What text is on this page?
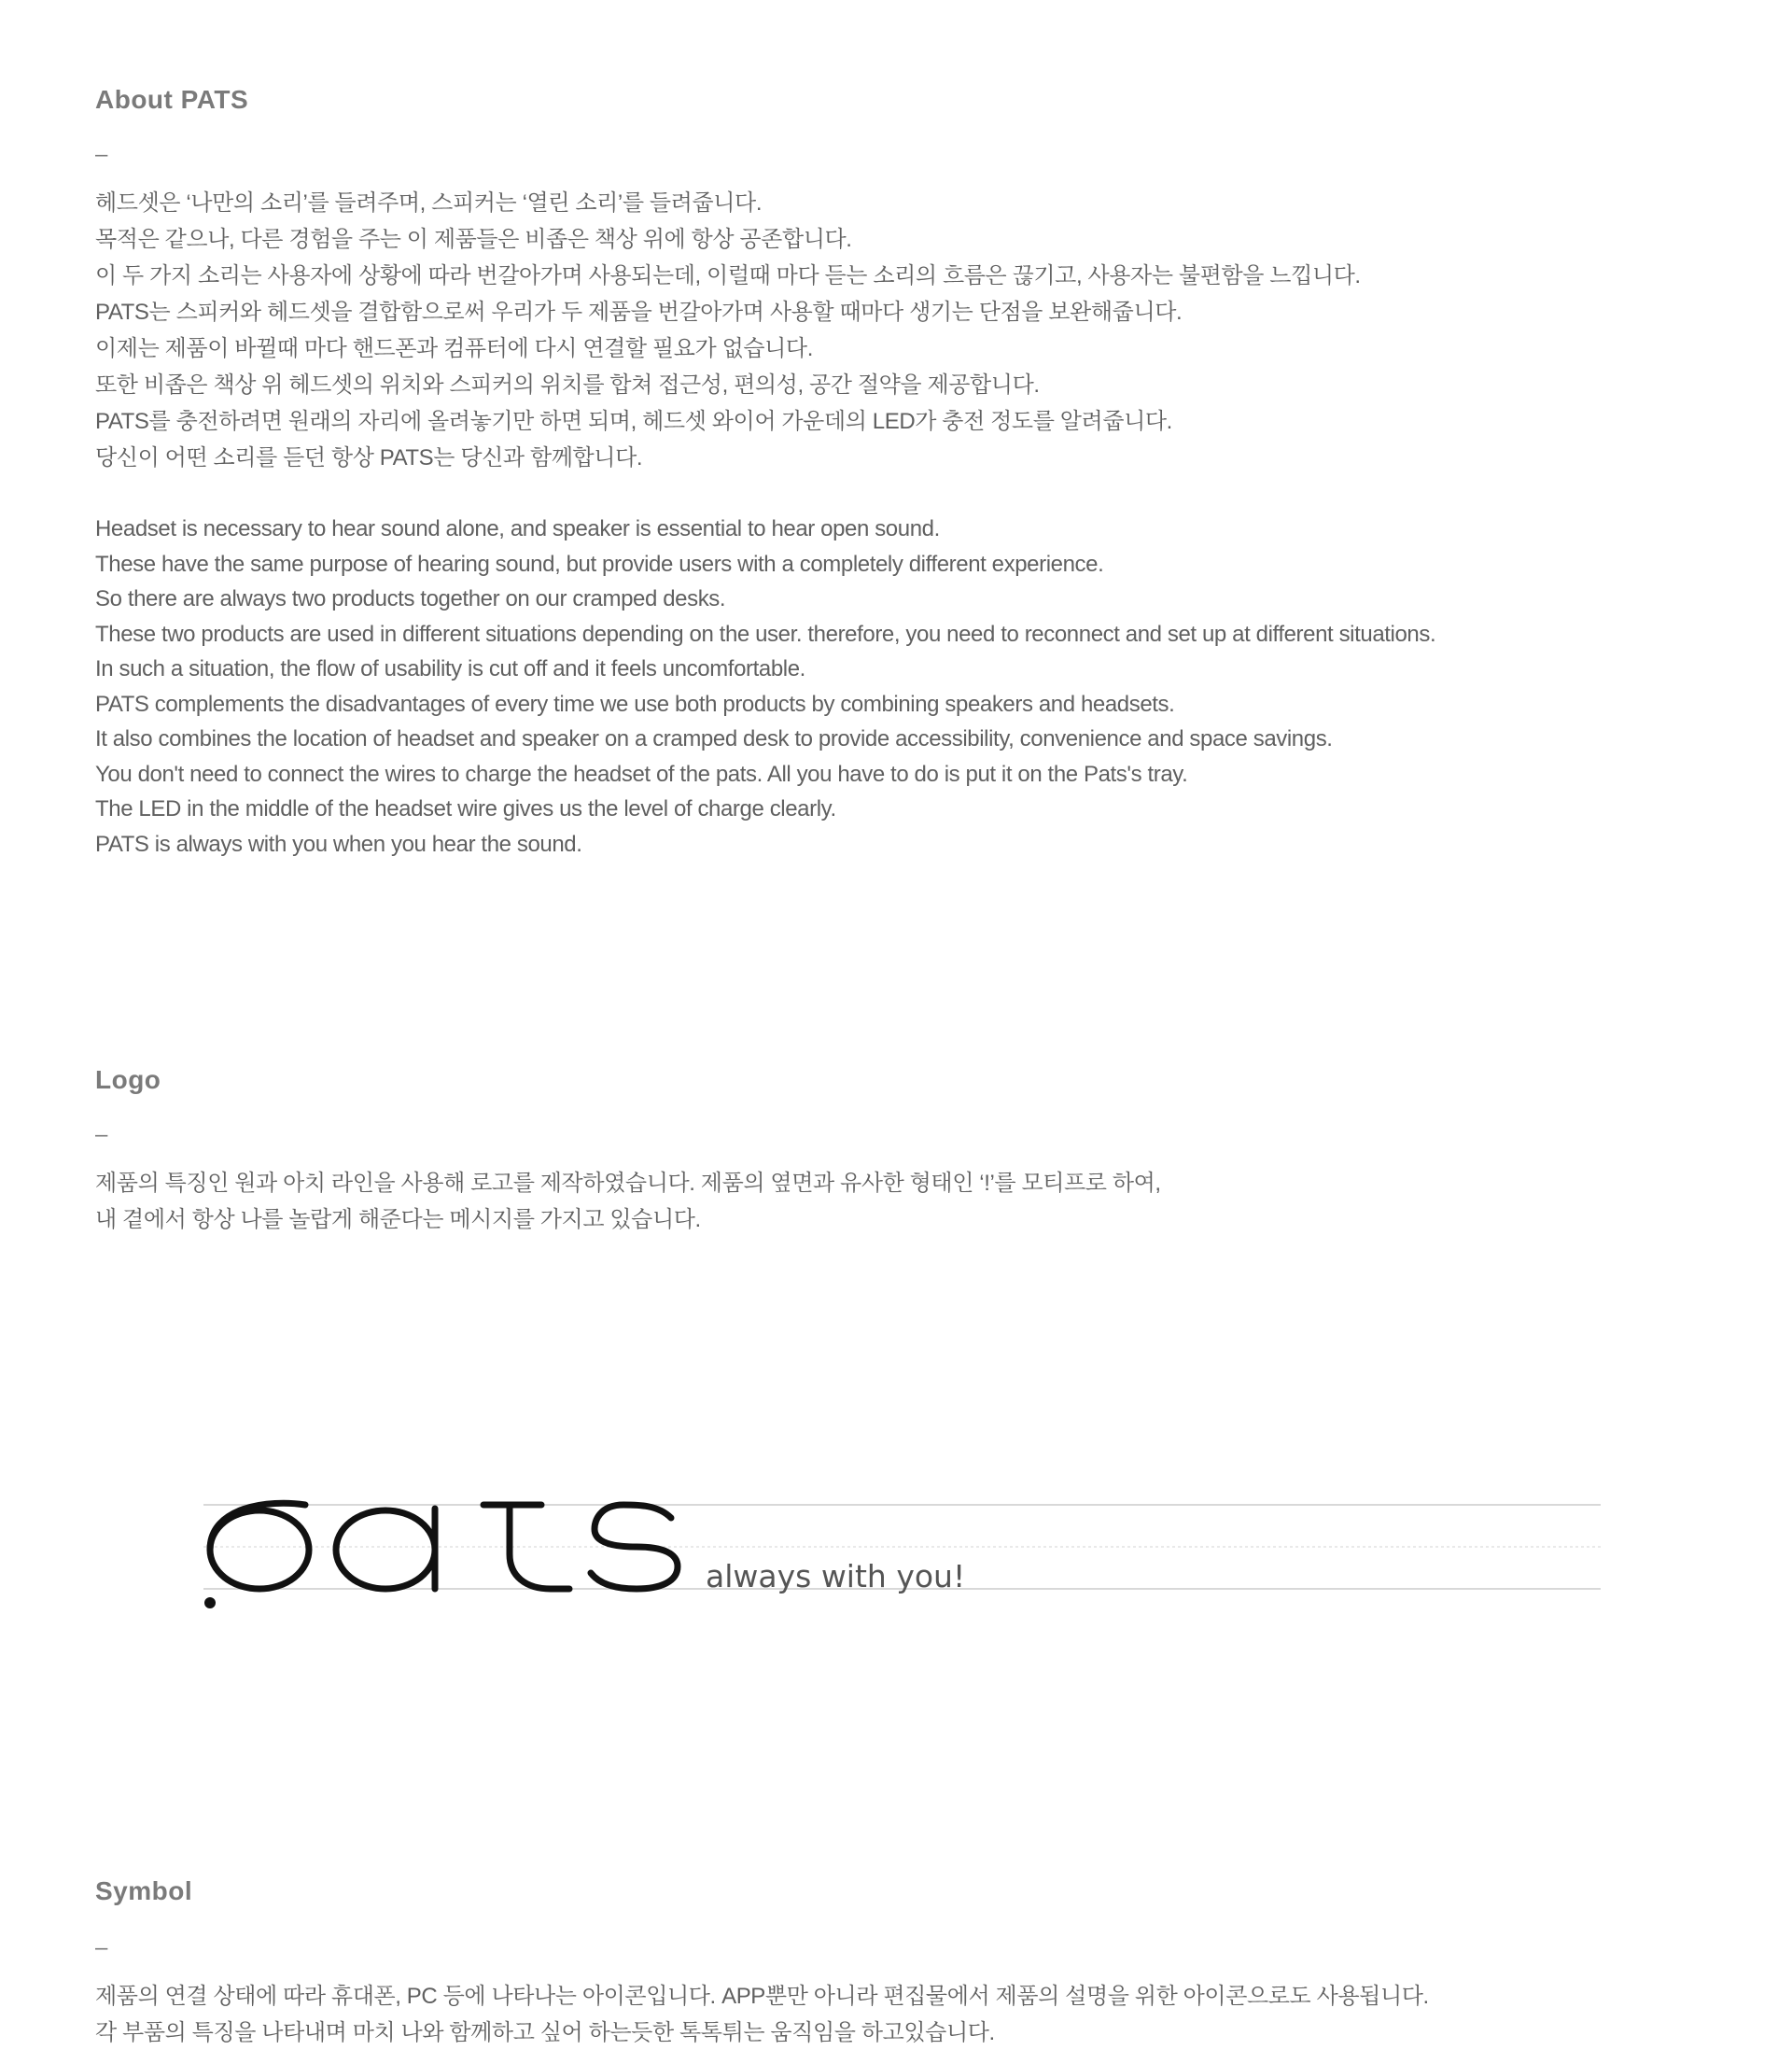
About PATS
–

헤드셋은 ‘나만의 소리’를 들려주며, 스피커는 ‘열린 소리’를 들려줍니다.

목적은 같으나, 다른 경험을 주는 이 제품들은 비좁은 책상 위에 항상 공존합니다.

이 두 가지 소리는 사용자에 상황에 따라 번갈아가며 사용되는데, 이럴때 마다 듣는 소리의 흐름은 끊기고, 사용자는 불편함을 느낍니다.

PATS는 스피커와 헤드셋을 결합함으로써 우리가 두 제품을 번갈아가며 사용할 때마다 생기는 단점을 보완해줍니다.

이제는 제품이 바뀔때 마다 핸드폰과 컴퓨터에 다시 연결할 필요가 없습니다.

또한 비좁은 책상 위 헤드셋의 위치와 스피커의 위치를 합쳐 접근성, 편의성, 공간 절약을 제공합니다.

PATS를 충전하려면 원래의 자리에 올려놓기만 하면 되며, 헤드셋 와이어 가운데의 LED가 충전 정도를 알려줍니다.

당신이 어떤 소리를 듣던 항상 PATS는 당신과 함께합니다.

Headset is necessary to hear sound alone, and speaker is essential to hear open sound.

These have the same purpose of hearing sound, but provide users with a completely different experience.

So there are always two products together on our cramped desks.

These two products are used in different situations depending on the user. therefore, you need to reconnect and set up at different situations.

In such a situation, the flow of usability is cut off and it feels uncomfortable.

PATS complements the disadvantages of every time we use both products by combining speakers and headsets.

It also combines the location of headset and speaker on a cramped desk to provide accessibility, convenience and space savings.

You don't need to connect the wires to charge the headset of the pats. All you have to do is put it on the Pats's tray.

The LED in the middle of the headset wire gives us the level of charge clearly.

PATS is always with you when you hear the sound.

Logo
–

제품의 특징인 원과 아치 라인을 사용해 로고를 제작하였습니다. 제품의 옆면과 유사한 형태인 ‘!’를 모티프로 하여,

내 곁에서 항상 나를 놀랍게 해준다는 메시지를 가지고 있습니다.

always with you!
Symbol
–

제품의 연결 상태에 따라 휴대폰, PC 등에 나타나는 아이콘입니다. APP뿐만 아니라 편집물에서 제품의 설명을 위한 아이콘으로도 사용됩니다.

각 부품의 특징을 나타내며 마치 나와 함께하고 싶어 하는듯한 톡톡튀는 움직임을 하고있습니다.
